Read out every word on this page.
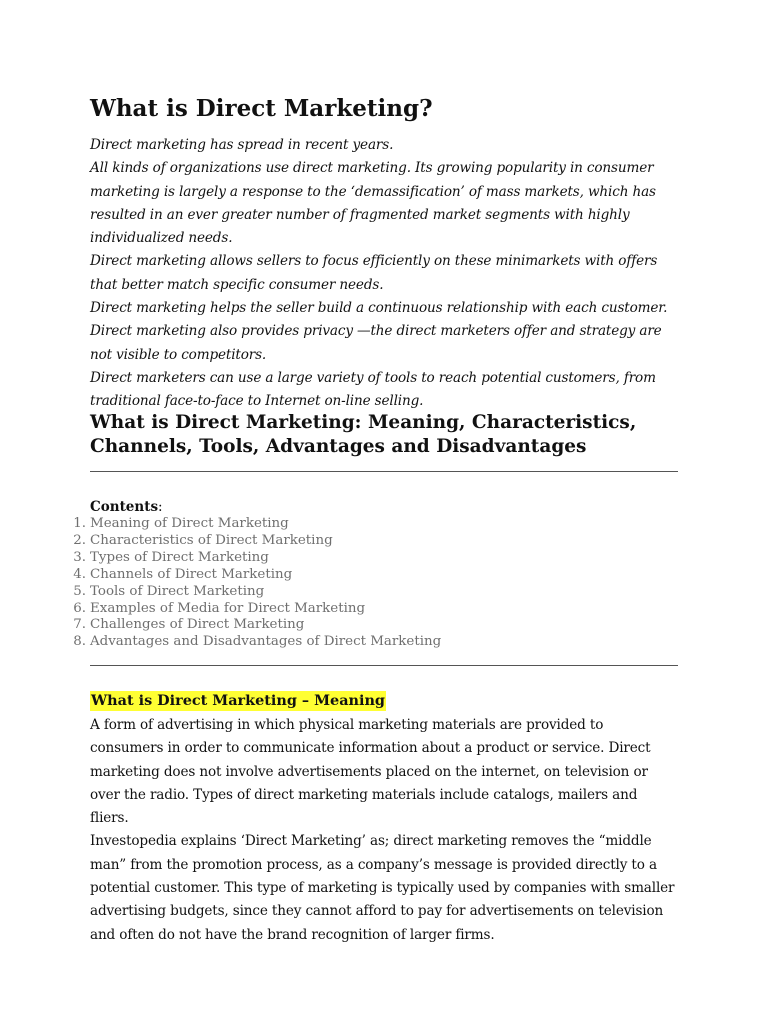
What is Direct Marketing?

Direct marketing has spread in recent years.

All kinds of organizations use direct marketing. Its growing popularity in consumer marketing is largely a response to the ‘demassification’ of mass markets, which has resulted in an ever greater number of fragmented market segments with highly individualized needs.

Direct marketing allows sellers to focus efficiently on these minimarkets with offers that better match specific consumer needs.

Direct marketing helps the seller build a continuous relationship with each customer.

Direct marketing also provides privacy —the direct marketers offer and strategy are not visible to competitors.

Direct marketers can use a large variety of tools to reach potential customers, from traditional face-to-face to Internet on-line selling.

What is Direct Marketing: Meaning, Characteristics, Channels, Tools, Advantages and Disadvantages
Contents:
1. Meaning of Direct Marketing
2. Characteristics of Direct Marketing
3. Types of Direct Marketing
4. Channels of Direct Marketing
5. Tools of Direct Marketing
6. Examples of Media for Direct Marketing
7. Challenges of Direct Marketing
8. Advantages and Disadvantages of Direct Marketing
What is Direct Marketing – Meaning

A form of advertising in which physical marketing materials are provided to consumers in order to communicate information about a product or service. Direct marketing does not involve advertisements placed on the internet, on television or over the radio. Types of direct marketing materials include catalogs, mailers and fliers.

Investopedia explains ‘Direct Marketing’ as; direct marketing removes the “middle man” from the promotion process, as a company’s message is provided directly to a potential customer. This type of marketing is typically used by companies with smaller advertising budgets, since they cannot afford to pay for advertisements on television and often do not have the brand recognition of larger firms.
